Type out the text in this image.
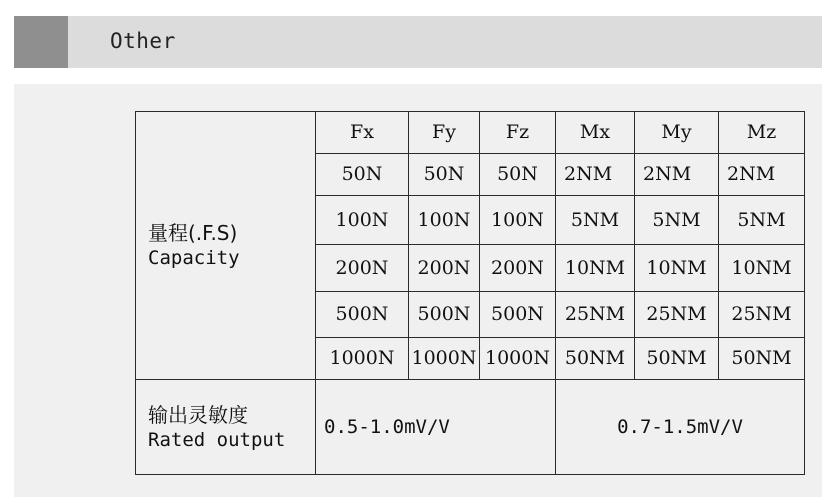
Other
量程(.F.S)
Capacity	Fx	Fy	Fz	Mx	My	Mz
	50N	50N	50N	2NM	2NM	2NM
	100N	100N	100N	5NM	5NM	5NM
	200N	200N	200N	10NM	10NM	10NM
	500N	500N	500N	25NM	25NM	25NM
	1000N	1000N	1000N	50NM	50NM	50NM

输出灵敏度
Rated output	0.5-1.0mV/V			0.7-1.5mV/V		
